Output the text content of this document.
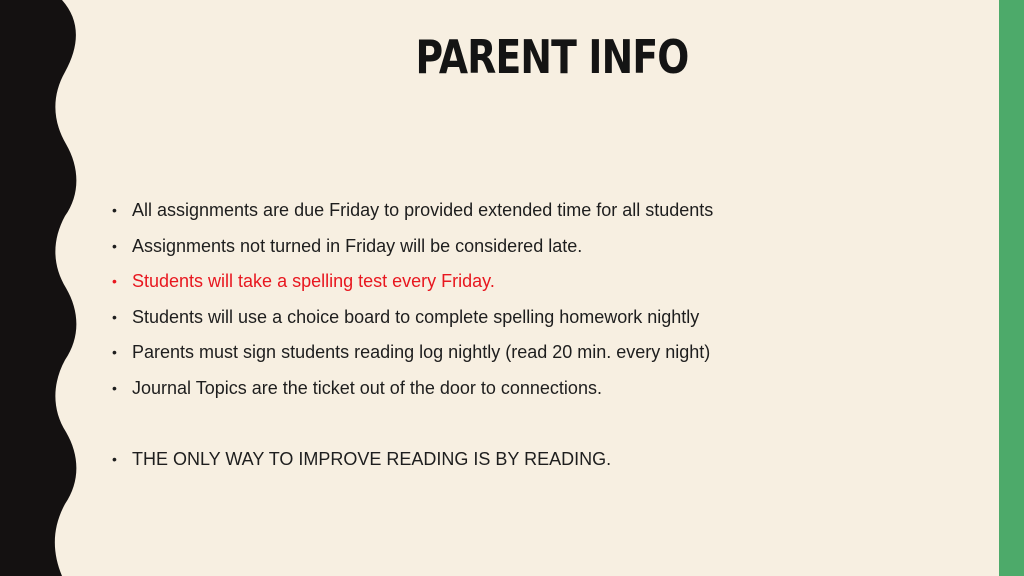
PARENT INFO
• All assignments are due Friday to provided extended time for all students
• Assignments not turned in Friday will be considered late.
• Students will take a spelling test every Friday.
• Students will use a choice board to complete spelling homework nightly
• Parents must sign students reading log nightly (read 20 min. every night)
• Journal Topics are the ticket out of the door to connections.
• THE ONLY WAY TO IMPROVE READING IS BY READING.
